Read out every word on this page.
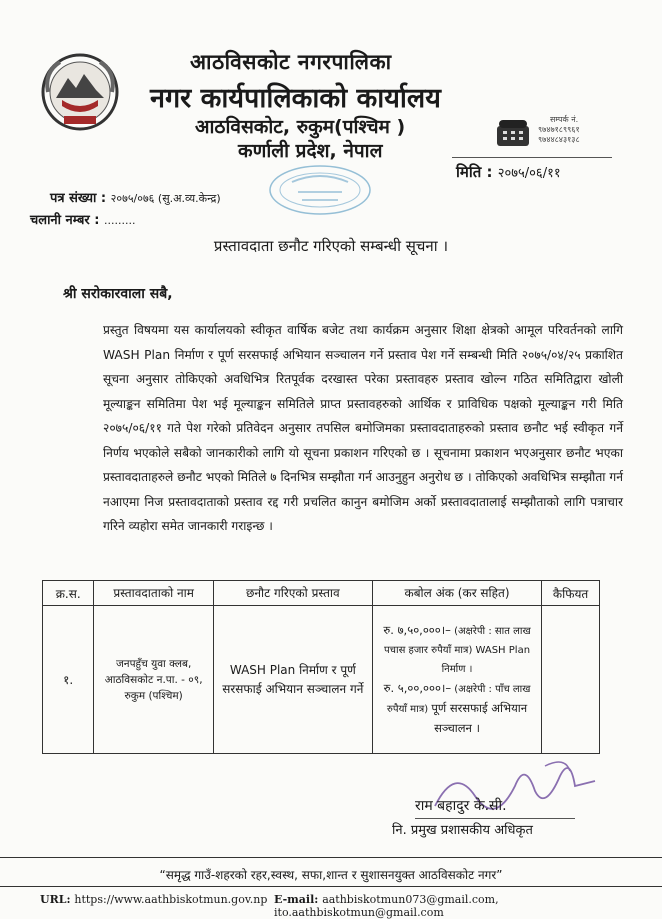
आठविसकोट नगरपालिका
नगर कार्यपालिकाको कार्यालय
आठविसकोट, रुकुम(पश्चिम )
कर्णाली प्रदेश, नेपाल
सम्पर्क नं.
९७४७१८९९६१
९७४४८४३१३८
मिति : २०७५/०६/११
पत्र संख्या : २०७५/०७६ (सु.अ.व्य.केन्द्र)
चलानी नम्बर : .........
प्रस्तावदाता छनौट गरिएको सम्बन्धी सूचना ।
श्री सरोकारवाला सबै,
प्रस्तुत विषयमा यस कार्यालयको स्वीकृत वार्षिक बजेट तथा कार्यक्रम अनुसार शिक्षा क्षेत्रको आमूल परिवर्तनको लागि WASH Plan निर्माण र पूर्ण सरसफाई अभियान सञ्चालन गर्ने प्रस्ताव पेश गर्ने सम्बन्धी मिति २०७५/०४/२५ प्रकाशित सूचना अनुसार तोकिएको अवधिभित्र रितपूर्वक दरखास्त परेका प्रस्तावहरु प्रस्ताव खोल्न गठित समितिद्वारा खोली मूल्याङ्कन समितिमा पेश भई मूल्याङ्कन समितिले प्राप्त प्रस्तावहरुको आर्थिक र प्राविधिक पक्षको मूल्याङ्कन गरी मिति २०७५/०६/११ गते पेश गरेको प्रतिवेदन अनुसार तपसिल बमोजिमका प्रस्तावदाताहरुको प्रस्ताव छनौट भई स्वीकृत गर्ने निर्णय भएकोले सबैको जानकारीको लागि यो सूचना प्रकाशन गरिएको छ । सूचनामा प्रकाशन भएअनुसार छनौट भएका प्रस्तावदाताहरुले छनौट भएको मितिले ७ दिनभित्र सम्झौता गर्न आउनुहुन अनुरोध छ । तोकिएको अवधिभित्र सम्झौता गर्न नआएमा निज प्रस्तावदाताको प्रस्ताव रद्द गरी प्रचलित कानुन बमोजिम अर्को प्रस्तावदातालाई सम्झौताको लागि पत्राचार गरिने व्यहोरा समेत जानकारी गराइन्छ ।
क्र.स.	प्रस्तावदाताको नाम	छनौट गरिएको प्रस्ताव	कबोल अंक (कर सहित)	कैफियत
१.	जनपहुँच युवा क्लब, आठविसकोट न.पा. - ०९, रुकुम (पश्चिम)	WASH Plan निर्माण र पूर्ण सरसफाई अभियान सञ्चालन गर्ने	रु. ७,५०,०००।– (अक्षरेपी : सात लाख पचास हजार रुपैयाँ मात्र) WASH Plan निर्माण ।
रु. ५,००,०००।– (अक्षरेपी : पाँच लाख रुपैयाँ मात्र) पूर्ण सरसफाई अभियान सञ्चालन ।	

राम बहादुर के.सी.
नि. प्रमुख प्रशासकीय अधिकृत
“समृद्ध गाउँ-शहरको रहर,स्वस्थ, सफा,शान्त र सुशासनयुक्त आठविसकोट नगर”
URL: https://www.aathbiskotmun.gov.np E-mail: aathbiskotmun073@gmail.com, ito.aathbiskotmun@gmail.com
